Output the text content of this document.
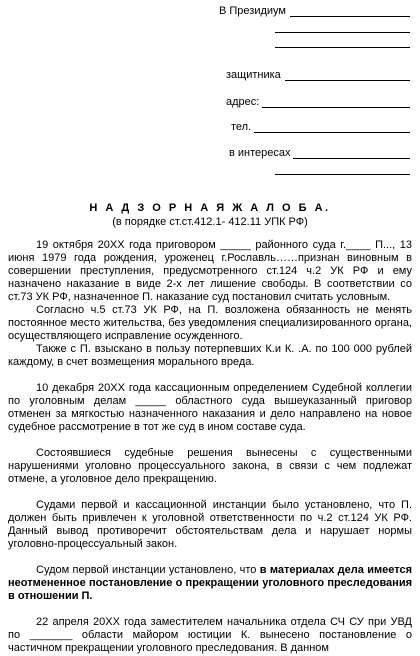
В Президиум
защитника
адрес:
тел.
в интересах
Н А Д З О Р Н А Я Ж А Л О Б А.
(в порядке ст.ст.412.1- 412.11 УПК РФ)

19 октября 20ХХ года приговором _____ районного суда г.____ П..., 13 июня 1979 года рождения, уроженец г.Рославль……признан виновным в совершении преступления, предусмотренного ст.124 ч.2 УК РФ и ему назначено наказание в виде 2-х лет лишение свободы. В соответствии со ст.73 УК РФ, назначенное П. наказание суд постановил считать условным.

Согласно ч.5 ст.73 УК РФ, на П. возложена обязанность не менять постоянное место жительства, без уведомления специализированного органа, осуществляющего исправление осужденного.

Также с П. взыскано в пользу потерпевших К.и К. .А. по 100 000 рублей каждому, в счет возмещения морального вреда.

10 декабря 20ХХ года кассационным определением Судебной коллегии по уголовным делам _____ областного суда вышеуказанный приговор отменен за мягкостью назначенного наказания и дело направлено на новое судебное рассмотрение в тот же суд в ином составе суда.

Состоявшиеся судебные решения вынесены с существенными нарушениями уголовно процессуального закона, в связи с чем подлежат отмене, а уголовное дело прекращению.

Судами первой и кассационной инстанции было установлено, что П. должен быть привлечен к уголовной ответственности по ч.2 ст.124 УК РФ. Данный вывод противоречит обстоятельствам дела и нарушает нормы уголовно-процессуальный закон.

Судом первой инстанции установлено, что в материалах дела имеется неотмененное постановление о прекращении уголовного преследования в отношении П.

22 апреля 20ХХ года заместителем начальника отдела СЧ СУ при УВД по _______ области майором юстиции К. вынесено постановление о частичном прекращении уголовного преследования. В данном
